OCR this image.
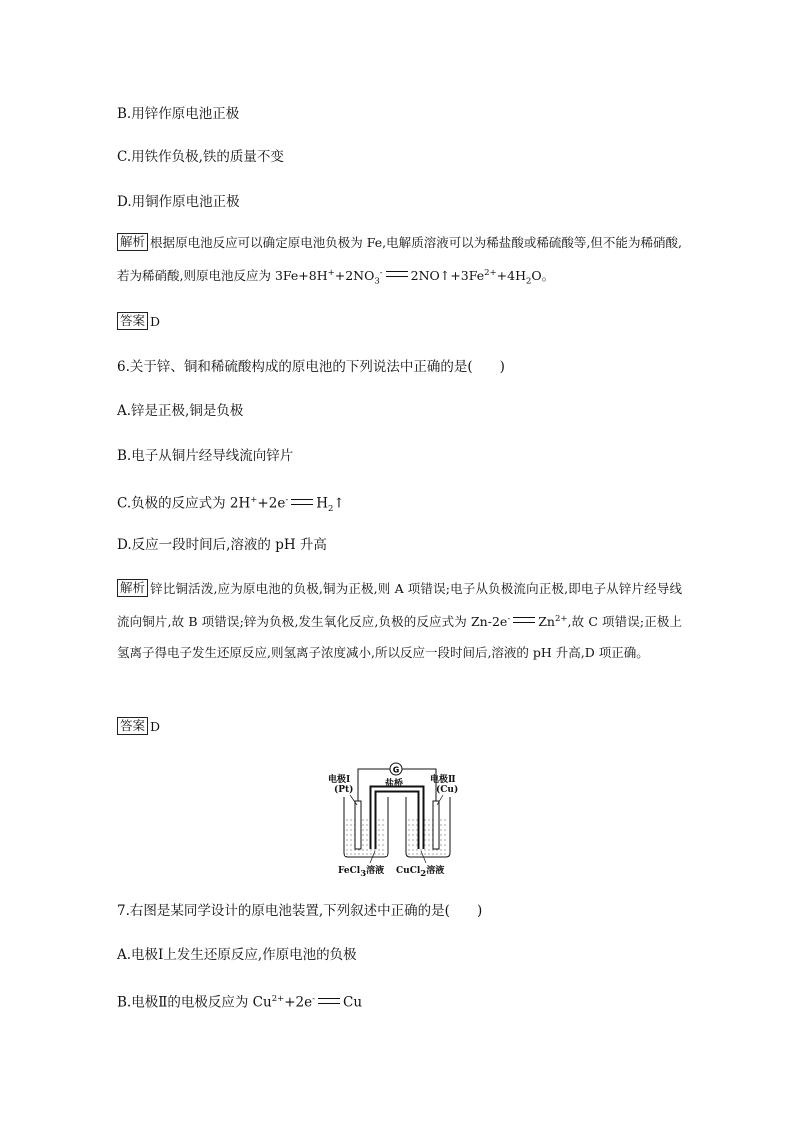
B.用锌作原电池正极
C.用铁作负极,铁的质量不变
D.用铜作原电池正极
解析 根据原电池反应可以确定原电池负极为 Fe,电解质溶液可以为稀盐酸或稀硫酸等,但不能为稀硝酸,若为稀硝酸,则原电池反应为 $3Fe+8H^++2NO_3^-$ $2NO↑+3Fe^{2+}+4H_2O$。
答案 D
6.关于锌、铜和稀硫酸构成的原电池的下列说法中正确的是(　　)
A.锌是正极,铜是负极
B.电子从铜片经导线流向锌片
C.负极的反应式为 2H++2e- $H_2↑$
D.反应一段时间后,溶液的 pH 升高
解析 锌比铜活泼,应为原电池的负极,铜为正极,则 A 项错误;电子从负极流向正极,即电子从锌片经导线流向铜片,故 B 项错误;锌为负极,发生氧化反应,负极的反应式为 Zn-2e- $Zn^{2+}$,故 C 项错误;正极上氢离子得电子发生还原反应,则氢离子浓度减小,所以反应一段时间后,溶液的 pH 升高,D 项正确。
答案 D
G
电极Ⅰ
(Pt)
电极Ⅱ
(Cu)
盐桥
FeCl$_3$溶液 CuCl$_2$溶液
7.右图是某同学设计的原电池装置,下列叙述中正确的是(　　)
A.电极Ⅰ上发生还原反应,作原电池的负极
B.电极Ⅱ的电极反应为 $Cu^{2+}+2e^-$ Cu
